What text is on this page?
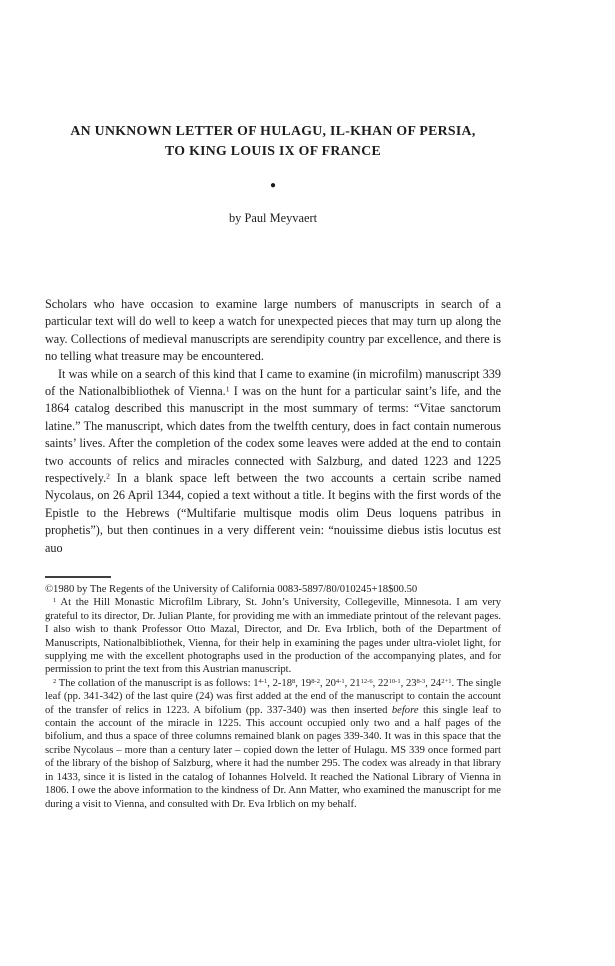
AN UNKNOWN LETTER OF HULAGU, IL-KHAN OF PERSIA,
TO KING LOUIS IX OF FRANCE
●
by Paul Meyvaert

Scholars who have occasion to examine large numbers of manuscripts in search of a particular text will do well to keep a watch for unexpected pieces that may turn up along the way. Collections of medieval manuscripts are serendipity country par excellence, and there is no telling what treasure may be encountered.

It was while on a search of this kind that I came to examine (in microfilm) manuscript 339 of the Nationalbibliothek of Vienna.$^1$ I was on the hunt for a particular saint’s life, and the 1864 catalog described this manuscript in the most summary of terms: “Vitae sanctorum latine.” The manuscript, which dates from the twelfth century, does in fact contain numerous saints’ lives. After the completion of the codex some leaves were added at the end to contain two accounts of relics and miracles connected with Salzburg, and dated 1223 and 1225 respectively.$^2$ In a blank space left between the two accounts a certain scribe named Nycolaus, on 26 April 1344, copied a text without a title. It begins with the first words of the Epistle to the Hebrews (“Multifarie multisque modis olim Deus loquens patribus in prophetis”), but then continues in a very different vein: “nouissime diebus istis locutus est auo

©1980 by The Regents of the University of California 0083-5897/80/010245+18$00.50

$^1$ At the Hill Monastic Microfilm Library, St. John’s University, Collegeville, Minnesota. I am very grateful to its director, Dr. Julian Plante, for providing me with an immediate printout of the relevant pages. I also wish to thank Professor Otto Mazal, Director, and Dr. Eva Irblich, both of the Department of Manuscripts, Nationalbibliothek, Vienna, for their help in examining the pages under ultra-violet light, for supplying me with the excellent photographs used in the production of the accompanying plates, and for permission to print the text from this Austrian manuscript.

$^2$ The collation of the manuscript is as follows: 1$^{4-1}$, $2-18^8$, 19$^{8-2}$, 20$^{4-1}$, 21$^{12-6}$, 22$^{10-1}$, 23$^{8-3}$, $24^{2+1}$. The single leaf (pp. 341-342) of the last quire (24) was first added at the end of the manuscript to contain the account of the transfer of relics in 1223. A bifolium (pp. 337-340) was then inserted before this single leaf to contain the account of the miracle in 1225. This account occupied only two and a half pages of the bifolium, and thus a space of three columns remained blank on pages 339-340. It was in this space that the scribe Nycolaus – more than a century later – copied down the letter of Hulagu. MS 339 once formed part of the library of the bishop of Salzburg, where it had the number 295. The codex was already in that library in 1433, since it is listed in the catalog of Iohannes Holveld. It reached the National Library of Vienna in 1806. I owe the above information to the kindness of Dr. Ann Matter, who examined the manuscript for me during a visit to Vienna, and consulted with Dr. Eva Irblich on my behalf.
